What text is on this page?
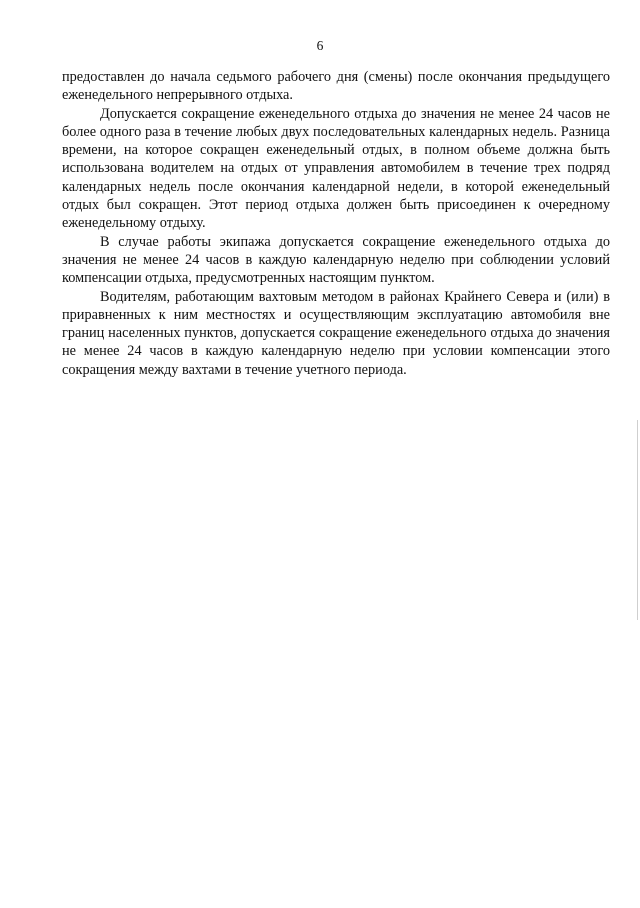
6

предоставлен до начала седьмого рабочего дня (смены) после окончания предыдущего еженедельного непрерывного отдыха.

Допускается сокращение еженедельного отдыха до значения не менее 24 часов не более одного раза в течение любых двух последовательных календарных недель. Разница времени, на которое сокращен еженедельный отдых, в полном объеме должна быть использована водителем на отдых от управления автомобилем в течение трех подряд календарных недель после окончания календарной недели, в которой еженедельный отдых был сокращен. Этот период отдыха должен быть присоединен к очередному еженедельному отдыху.

В случае работы экипажа допускается сокращение еженедельного отдыха до значения не менее 24 часов в каждую календарную неделю при соблюдении условий компенсации отдыха, предусмотренных настоящим пунктом.

Водителям, работающим вахтовым методом в районах Крайнего Севера и (или) в приравненных к ним местностях и осуществляющим эксплуатацию автомобиля вне границ населенных пунктов, допускается сокращение еженедельного отдыха до значения не менее 24 часов в каждую календарную неделю при условии компенсации этого сокращения между вахтами в течение учетного периода.
